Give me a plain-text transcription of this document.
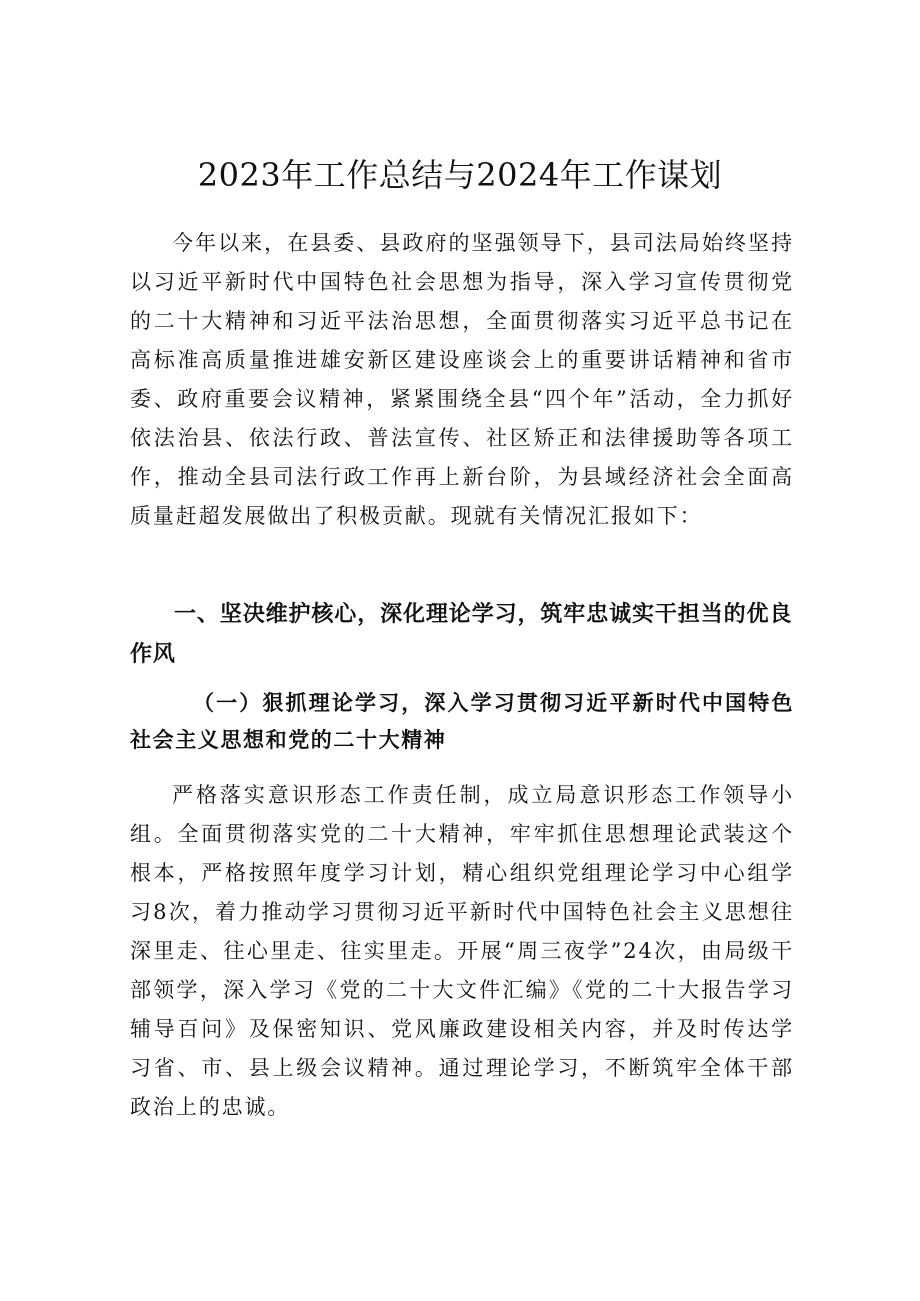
2023年工作总结与2024年工作谋划

今年以来，在县委、县政府的坚强领导下，县司法局始终坚持以习近平新时代中国特色社会思想为指导，深入学习宣传贯彻党的二十大精神和习近平法治思想，全面贯彻落实习近平总书记在高标准高质量推进雄安新区建设座谈会上的重要讲话精神和省市委、政府重要会议精神，紧紧围绕全县“四个年”活动，全力抓好依法治县、依法行政、普法宣传、社区矫正和法律援助等各项工作，推动全县司法行政工作再上新台阶，为县域经济社会全面高质量赶超发展做出了积极贡献。现就有关情况汇报如下：

一、坚决维护核心，深化理论学习，筑牢忠诚实干担当的优良作风
（一）狠抓理论学习，深入学习贯彻习近平新时代中国特色社会主义思想和党的二十大精神

严格落实意识形态工作责任制，成立局意识形态工作领导小组。全面贯彻落实党的二十大精神，牢牢抓住思想理论武装这个根本，严格按照年度学习计划，精心组织党组理论学习中心组学习8次，着力推动学习贯彻习近平新时代中国特色社会主义思想往深里走、往心里走、往实里走。开展“周三夜学”24次，由局级干部领学，深入学习《党的二十大文件汇编》《党的二十大报告学习辅导百问》及保密知识、党风廉政建设相关内容，并及时传达学习省、市、县上级会议精神。通过理论学习，不断筑牢全体干部政治上的忠诚。
